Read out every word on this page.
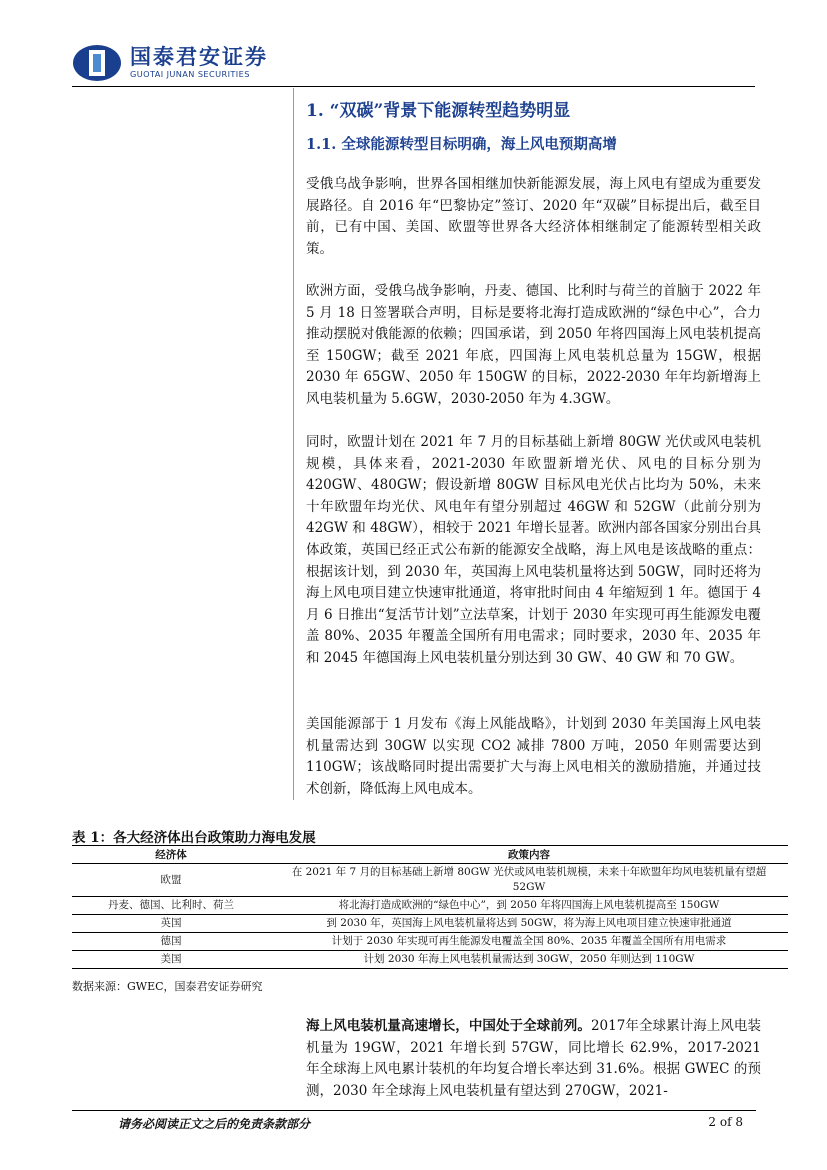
国泰君安证券
GUOTAI JUNAN SECURITIES
1. “双碳”背景下能源转型趋势明显
1.1. 全球能源转型目标明确，海上风电预期高增

受俄乌战争影响，世界各国相继加快新能源发展，海上风电有望成为重要发展路径。自 2016 年“巴黎协定”签订、2020 年“双碳”目标提出后，截至目前，已有中国、美国、欧盟等世界各大经济体相继制定了能源转型相关政策。

欧洲方面，受俄乌战争影响，丹麦、德国、比利时与荷兰的首脑于 2022 年 5 月 18 日签署联合声明，目标是要将北海打造成欧洲的“绿色中心”，合力推动摆脱对俄能源的依赖；四国承诺，到 2050 年将四国海上风电装机提高至 150GW；截至 2021 年底，四国海上风电装机总量为 15GW，根据 2030 年 65GW、2050 年 150GW 的目标，2022-2030 年年均新增海上风电装机量为 5.6GW，2030-2050 年为 4.3GW。

同时，欧盟计划在 2021 年 7 月的目标基础上新增 80GW 光伏或风电装机规模，具体来看，2021-2030 年欧盟新增光伏、风电的目标分别为 420GW、480GW；假设新增 80GW 目标风电光伏占比均为 50%，未来十年欧盟年均光伏、风电年有望分别超过 46GW 和 52GW（此前分别为 42GW 和 48GW），相较于 2021 年增长显著。欧洲内部各国家分别出台具体政策，英国已经正式公布新的能源安全战略，海上风电是该战略的重点：根据该计划，到 2030 年，英国海上风电装机量将达到 50GW，同时还将为海上风电项目建立快速审批通道，将审批时间由 4 年缩短到 1 年。德国于 4 月 6 日推出“复活节计划”立法草案，计划于 2030 年实现可再生能源发电覆盖 80%、2035 年覆盖全国所有用电需求；同时要求，2030 年、2035 年和 2045 年德国海上风电装机量分别达到 30 GW、40 GW 和 70 GW。

美国能源部于 1 月发布《海上风能战略》，计划到 2030 年美国海上风电装机量需达到 30GW 以实现 CO2 减排 7800 万吨，2050 年则需要达到 110GW；该战略同时提出需要扩大与海上风电相关的激励措施，并通过技术创新，降低海上风电成本。

表 1：各大经济体出台政策助力海电发展
经济体	政策内容
欧盟	在 2021 年 7 月的目标基础上新增 80GW 光伏或风电装机规模，未来十年欧盟年均风电装机量有望超 52GW
丹麦、德国、比利时、荷兰	将北海打造成欧洲的“绿色中心”，到 2050 年将四国海上风电装机提高至 150GW
英国	到 2030 年，英国海上风电装机量将达到 50GW，将为海上风电项目建立快速审批通道
德国	计划于 2030 年实现可再生能源发电覆盖全国 80%、2035 年覆盖全国所有用电需求
美国	计划 2030 年海上风电装机量需达到 30GW，2050 年则达到 110GW
数据来源：GWEC，国泰君安证券研究

海上风电装机量高速增长，中国处于全球前列。2017年全球累计海上风电装机量为 19GW，2021 年增长到 57GW，同比增长 62.9%，2017-2021 年全球海上风电累计装机的年均复合增长率达到 31.6%。根据 GWEC 的预测，2030 年全球海上风电装机量有望达到 270GW，2021-

请务必阅读正文之后的免责条款部分	2 of 8
